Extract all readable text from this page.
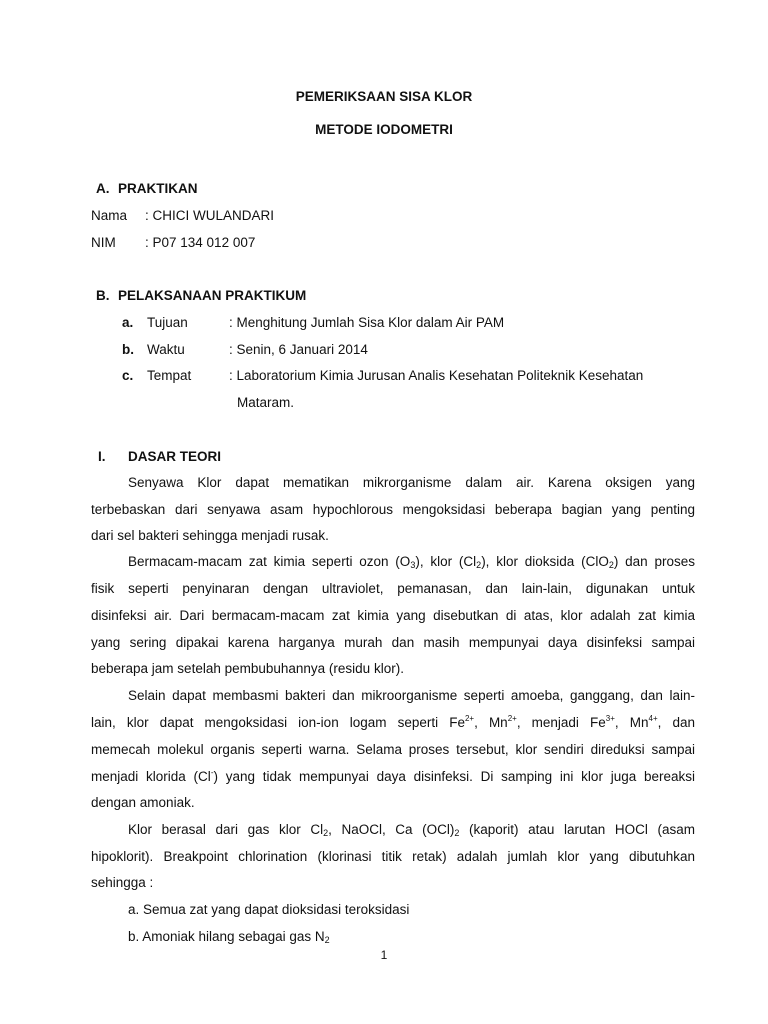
PEMERIKSAAN SISA KLOR
METODE IODOMETRI
A. PRAKTIKAN
Nama : CHICI WULANDARI
NIM : P07 134 012 007
B. PELAKSANAAN PRAKTIKUM
a. Tujuan	: Menghitung Jumlah Sisa Klor dalam Air PAM
b. Waktu	: Senin, 6 Januari 2014
c. Tempat	: Laboratorium Kimia Jurusan Analis Kesehatan Politeknik Kesehatan
Mataram.
I. DASAR TEORI
Senyawa Klor dapat mematikan mikrorganisme dalam air. Karena oksigen yang
terbebaskan dari senyawa asam hypochlorous mengoksidasi beberapa bagian yang penting
dari sel bakteri sehingga menjadi rusak.
Bermacam-macam zat kimia seperti ozon $(O_3)$, klor $(Cl_2)$, klor dioksida (ClO$_2$) dan proses
fisik seperti penyinaran dengan ultraviolet, pemanasan, dan lain-lain, digunakan untuk
disinfeksi air. Dari bermacam-macam zat kimia yang disebutkan di atas, klor adalah zat kimia
yang sering dipakai karena harganya murah dan masih mempunyai daya disinfeksi sampai
beberapa jam setelah pembubuhannya (residu klor).
Selain dapat membasmi bakteri dan mikroorganisme seperti amoeba, ganggang, dan lain-
lain, klor dapat mengoksidasi ion-ion logam seperti $Fe^{2+}$, $Mn^{2+}$, menjadi $Fe^{3+}$, $Mn^{4+}$, dan
memecah molekul organis seperti warna. Selama proses tersebut, klor sendiri direduksi sampai
menjadi klorida (Cl-) yang tidak mempunyai daya disinfeksi. Di samping ini klor juga bereaksi
dengan amoniak.
Klor berasal dari gas klor $Cl_2$, NaOCl, Ca $(OCl)_2$ (kaporit) atau larutan HOCl (asam
hipoklorit). Breakpoint chlorination (klorinasi titik retak) adalah jumlah klor yang dibutuhkan
sehingga :
a. Semua zat yang dapat dioksidasi teroksidasi
b. Amoniak hilang sebagai gas $N_2$
1
